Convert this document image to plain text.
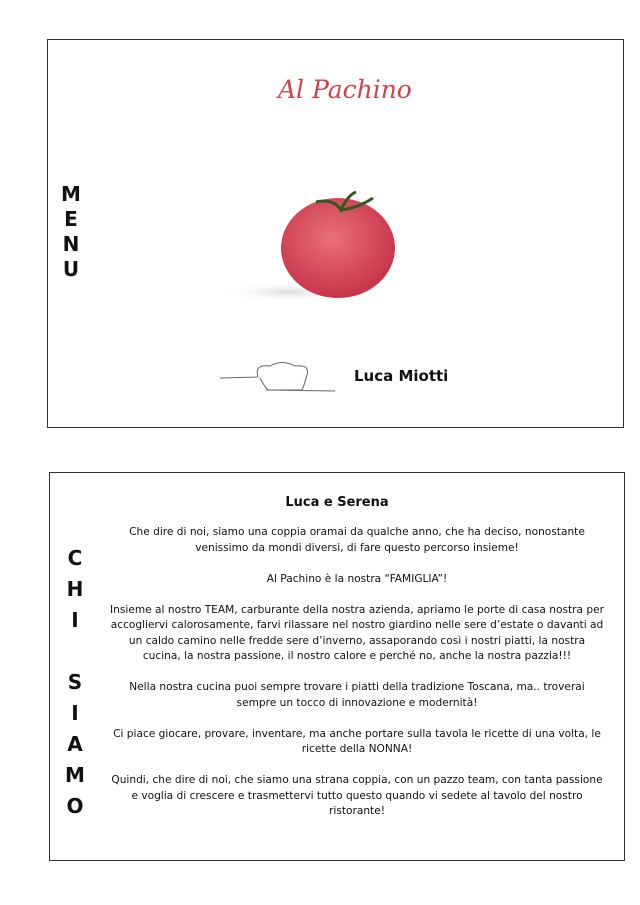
M
E
N
U
Al Pachino
Luca Miotti
C
H
I

S
I
A
M
O
Luca e Serena

Che dire di noi, siamo una coppia oramai da qualche anno, che ha deciso, nonostante venissimo da mondi diversi, di fare questo percorso insieme!

Al Pachino è la nostra “FAMIGLIA”!

Insieme al nostro TEAM, carburante della nostra azienda, apriamo le porte di casa nostra per accogliervi calorosamente, farvi rilassare nel nostro giardino nelle sere d’estate o davanti ad un caldo camino nelle fredde sere d’inverno, assaporando così i nostri piatti, la nostra cucina, la nostra passione, il nostro calore e perché no, anche la nostra pazzia!!!

Nella nostra cucina puoi sempre trovare i piatti della tradizione Toscana, ma.. troverai sempre un tocco di innovazione e modernità!

Ci piace giocare, provare, inventare, ma anche portare sulla tavola le ricette di una volta, le ricette della NONNA!

Quindi, che dire di noi, che siamo una strana coppia, con un pazzo team, con tanta passione e voglia di crescere e trasmettervi tutto questo quando vi sedete al tavolo del nostro ristorante!
